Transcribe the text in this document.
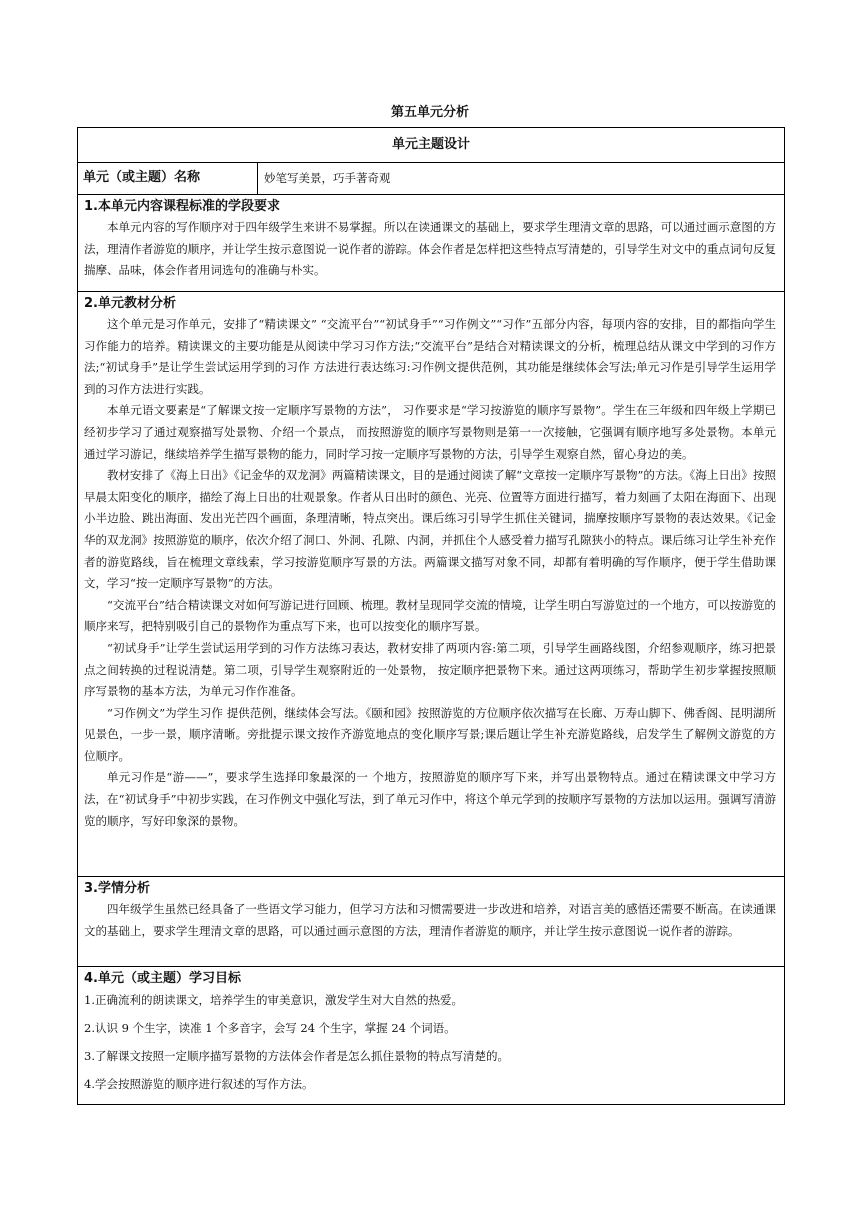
第五单元分析
单元主题设计
单元（或主题）名称	妙笔写美景，巧手著奇观
1.本单元内容课程标准的学段要求

本单元内容的写作顺序对于四年级学生来讲不易掌握。所以在读通课文的基础上，要求学生理清文章的思路，可以通过画示意图的方法，理清作者游览的顺序，并让学生按示意图说一说作者的游踪。体会作者是怎样把这些特点写清楚的，引导学生对文中的重点词句反复揣摩、品味，体会作者用词选句的准确与朴实。

2.单元教材分析

这个单元是习作单元，安排了“精读课文” “交流平台”“初试身手”“习作例文”“习作”五部分内容，每项内容的安排，目的都指向学生习作能力的培养。精读课文的主要功能是从阅读中学习习作方法;“交流平台”是结合对精读课文的分析，梳理总结从课文中学到的习作方法;“初试身手”是让学生尝试运用学到的习作 方法进行表达练习:习作例文提供范例，其功能是继续体会写法;单元习作是引导学生运用学到的习作方法进行实践。

本单元语文要素是“了解课文按一定顺序写景物的方法”， 习作要求是“学习按游览的顺序写景物”。学生在三年级和四年级上学期已经初步学习了通过观察描写处景物、介绍一个景点， 而按照游览的顺序写景物则是第一一次接触，它强调有顺序地写多处景物。本单元通过学习游记，继续培养学生描写景物的能力，同时学习按一定顺序写景物的方法，引导学生观察自然，留心身边的美。

教材安排了《海上日出》《记金华的双龙洞》两篇精读课文，目的是通过阅读了解“文章按一定顺序写景物”的方法。《海上日出》按照早晨太阳变化的顺序，描绘了海上日出的壮观景象。作者从日出时的颜色、光亮、位置等方面进行描写，着力刻画了太阳在海面下、出现小半边脸、跳出海面、发出光芒四个画面，条理清晰，特点突出。课后练习引导学生抓住关键词，揣摩按顺序写景物的表达效果。《记金华的双龙洞》按照游览的顺序，依次介绍了洞口、外洞、孔隙、内洞，并抓住个人感受着力描写孔隙狭小的特点。课后练习让学生补充作者的游览路线，旨在梳理文章线索，学习按游览顺序写景的方法。两篇课文描写对象不同，却都有着明确的写作顺序，便于学生借助课文，学习“按一定顺序写景物”的方法。

“交流平台”结合精读课文对如何写游记进行回顾、梳理。教材呈现同学交流的情境，让学生明白写游览过的一个地方，可以按游览的顺序来写，把特别吸引自己的景物作为重点写下来，也可以按变化的顺序写景。

“初试身手”让学生尝试运用学到的习作方法练习表达，教材安排了两项内容:第二项，引导学生画路线图，介绍参观顺序，练习把景点之间转换的过程说清楚。第二项，引导学生观察附近的一处景物， 按定顺序把景物下来。通过这两项练习，帮助学生初步掌握按照顺序写景物的基本方法，为单元习作作准备。

“习作例文”为学生习作 提供范例，继续体会写法。《颐和园》按照游览的方位顺序依次描写在长廊、万寿山脚下、佛香阁、昆明湖所见景色，一步一景，顺序清晰。旁批提示课文按作齐游览地点的变化顺序写景;课后题让学生补充游览路线，启发学生了解例文游览的方位顺序。

单元习作是“游——”，要求学生选择印象最深的一 个地方，按照游览的顺序写下来，并写出景物特点。通过在精读课文中学习方法，在“初试身手”中初步实践，在习作例文中强化写法，到了单元习作中，将这个单元学到的按顺序写景物的方法加以运用。强调写清游览的顺序，写好印象深的景物。

3.学情分析

四年级学生虽然已经具备了一些语文学习能力，但学习方法和习惯需要进一步改进和培养，对语言美的感悟还需要不断高。在读通课文的基础上，要求学生理清文章的思路，可以通过画示意图的方法，理清作者游览的顺序，并让学生按示意图说一说作者的游踪。

4.单元（或主题）学习目标

1.正确流利的朗读课文，培养学生的审美意识，激发学生对大自然的热爱。

2.认识 9 个生字，读准 1 个多音字，会写 24 个生字，掌握 24 个词语。

3.了解课文按照一定顺序描写景物的方法体会作者是怎么抓住景物的特点写清楚的。

4.学会按照游览的顺序进行叙述的写作方法。
